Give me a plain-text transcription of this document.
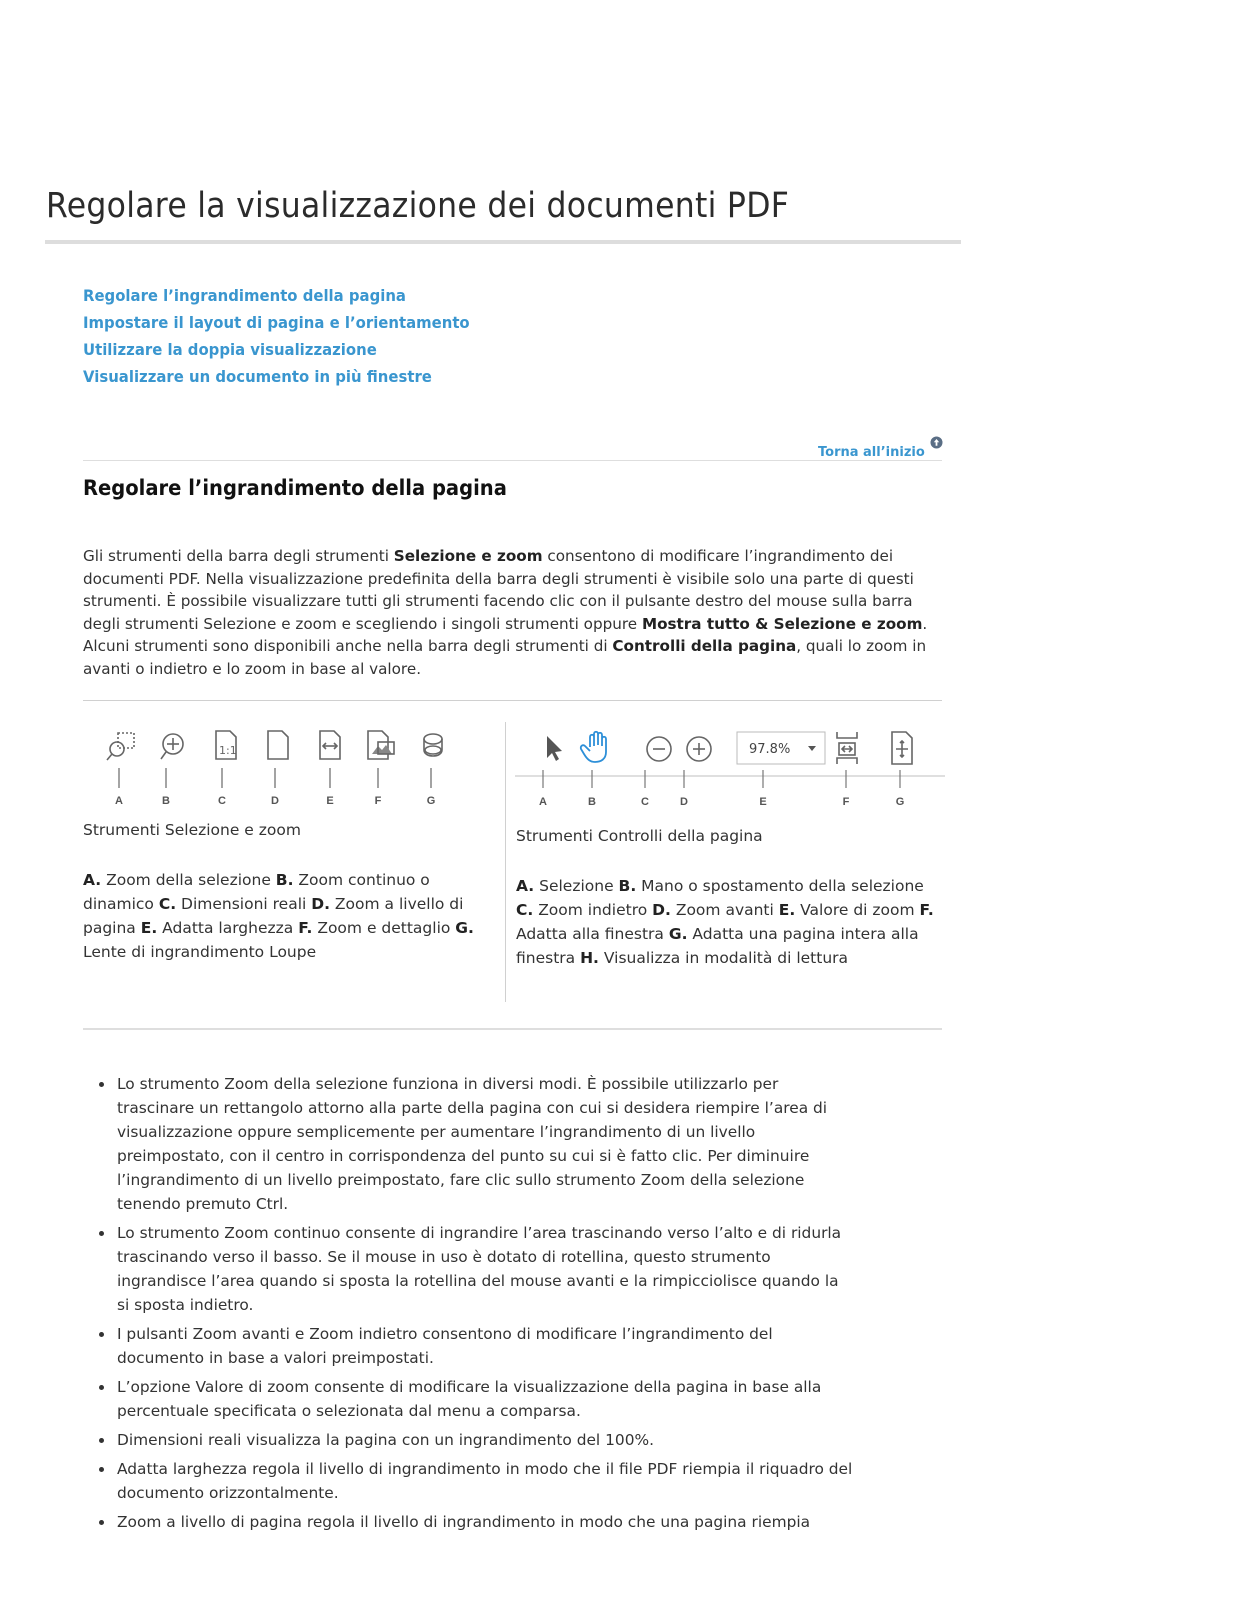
Regolare la visualizzazione dei documenti PDF
Regolare l’ingrandimento della pagina
Impostare il layout di pagina e l’orientamento
Utilizzare la doppia visualizzazione
Visualizzare un documento in più finestre
Torna all’inizio
Regolare l’ingrandimento della pagina

Gli strumenti della barra degli strumenti Selezione e zoom consentono di modificare l’ingrandimento dei documenti PDF. Nella visualizzazione predefinita della barra degli strumenti è visibile solo una parte di questi strumenti. È possibile visualizzare tutti gli strumenti facendo clic con il pulsante destro del mouse sulla barra degli strumenti Selezione e zoom e scegliendo i singoli strumenti oppure Mostra tutto & Selezione e zoom. Alcuni strumenti sono disponibili anche nella barra degli strumenti di Controlli della pagina, quali lo zoom in avanti o indietro e lo zoom in base al valore.

1:1
A	B	C	D	E	F	G

Strumenti Selezione e zoom

A. Zoom della selezione B. Zoom continuo o dinamico C. Dimensioni reali D. Zoom a livello di pagina E. Adatta larghezza F. Zoom e dettaglio G. Lente di ingrandimento Loupe

97.8%
A	B	C	D	E	F	G

Strumenti Controlli della pagina

A. Selezione B. Mano o spostamento della selezione C. Zoom indietro D. Zoom avanti E. Valore di zoom F. Adatta alla finestra G. Adatta una pagina intera alla finestra H. Visualizza in modalità di lettura

• Lo strumento Zoom della selezione funziona in diversi modi. È possibile utilizzarlo per trascinare un rettangolo attorno alla parte della pagina con cui si desidera riempire l’area di visualizzazione oppure semplicemente per aumentare l’ingrandimento di un livello preimpostato, con il centro in corrispondenza del punto su cui si è fatto clic. Per diminuire l’ingrandimento di un livello preimpostato, fare clic sullo strumento Zoom della selezione tenendo premuto Ctrl.
• Lo strumento Zoom continuo consente di ingrandire l’area trascinando verso l’alto e di ridurla trascinando verso il basso. Se il mouse in uso è dotato di rotellina, questo strumento ingrandisce l’area quando si sposta la rotellina del mouse avanti e la rimpicciolisce quando la si sposta indietro.
• I pulsanti Zoom avanti e Zoom indietro consentono di modificare l’ingrandimento del documento in base a valori preimpostati.
• L’opzione Valore di zoom consente di modificare la visualizzazione della pagina in base alla percentuale specificata o selezionata dal menu a comparsa.
• Dimensioni reali visualizza la pagina con un ingrandimento del 100%.
• Adatta larghezza regola il livello di ingrandimento in modo che il file PDF riempia il riquadro del documento orizzontalmente.
• Zoom a livello di pagina regola il livello di ingrandimento in modo che una pagina riempia
